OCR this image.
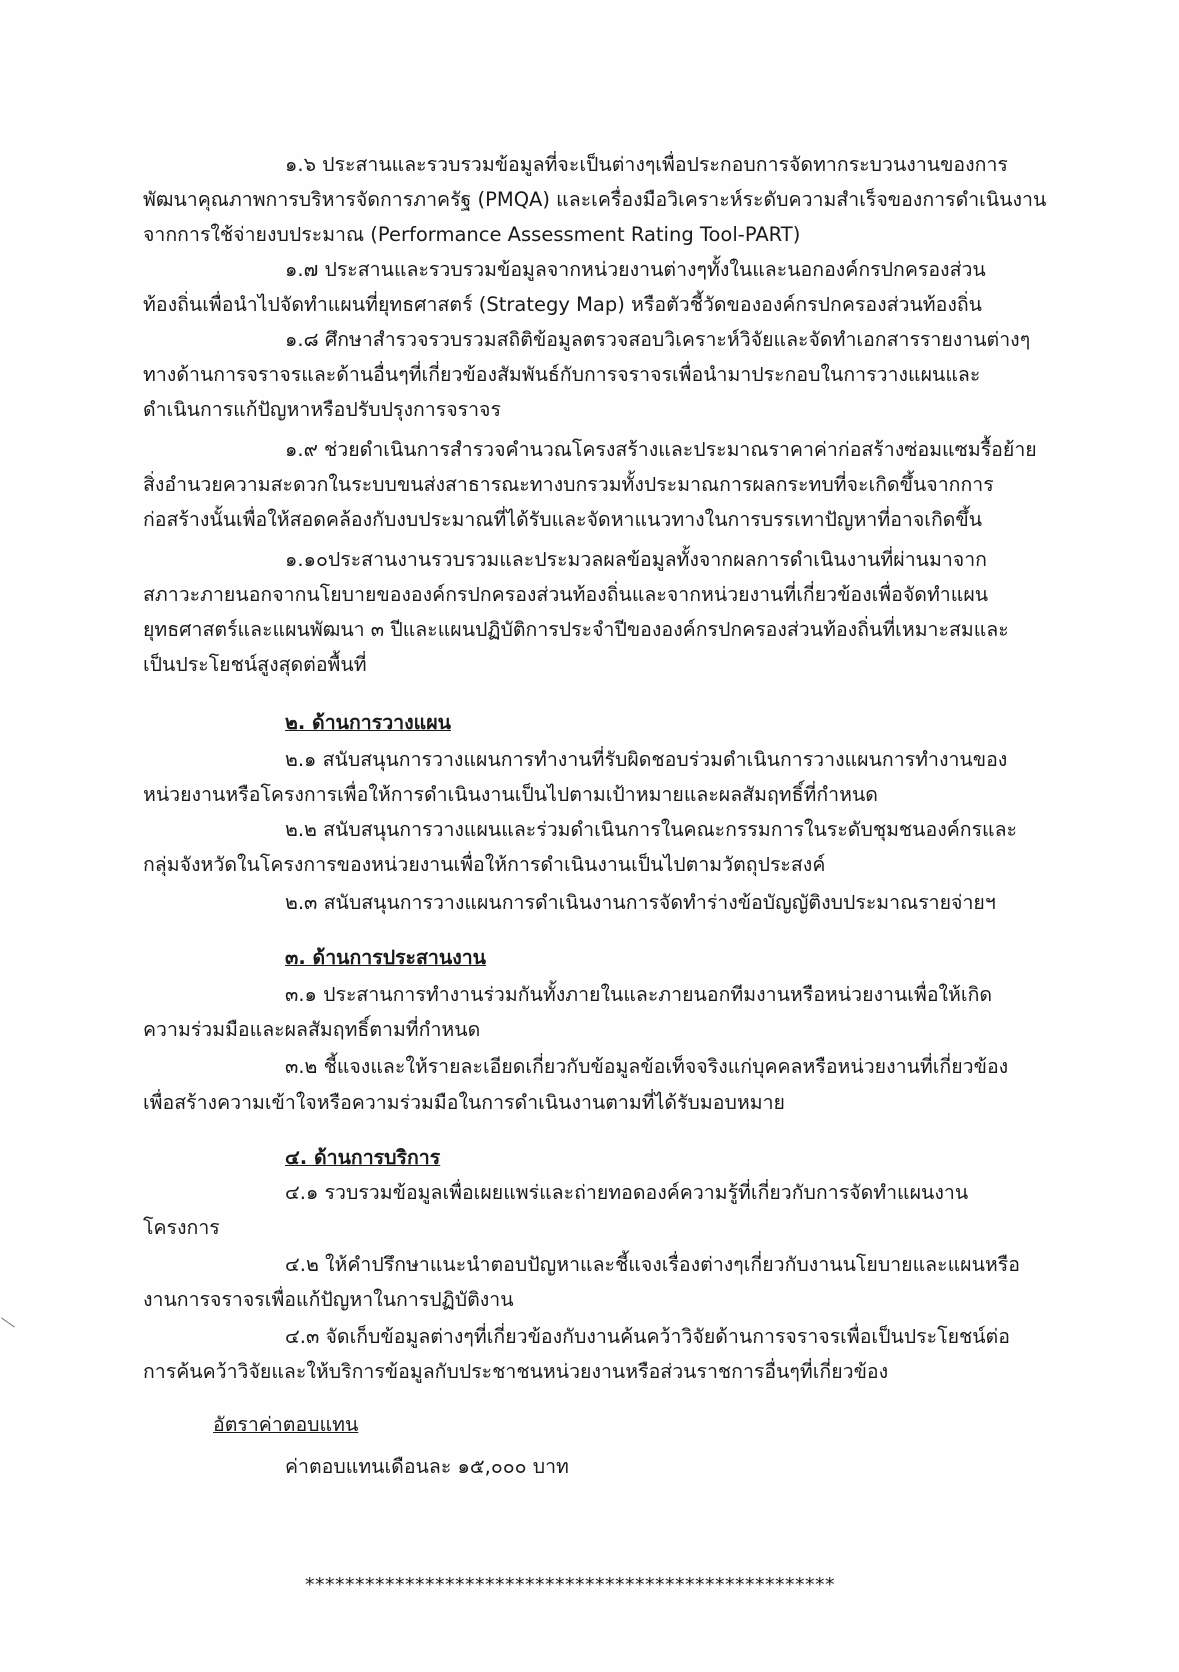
๑.๖ ประสานและรวบรวมข้อมูลที่จะเป็นต่างๆเพื่อประกอบการจัดทากระบวนงานของการ
พัฒนาคุณภาพการบริหารจัดการภาครัฐ (PMQA) และเครื่องมือวิเคราะห์ระดับความสำเร็จของการดำเนินงาน
จากการใช้จ่ายงบประมาณ (Performance Assessment Rating Tool-PART)
๑.๗ ประสานและรวบรวมข้อมูลจากหน่วยงานต่างๆทั้งในและนอกองค์กรปกครองส่วน
ท้องถิ่นเพื่อนำไปจัดทำแผนที่ยุทธศาสตร์ (Strategy Map) หรือตัวชี้วัดขององค์กรปกครองส่วนท้องถิ่น
๑.๘ ศึกษาสำรวจรวบรวมสถิติข้อมูลตรวจสอบวิเคราะห์วิจัยและจัดทำเอกสารรายงานต่างๆ
ทางด้านการจราจรและด้านอื่นๆที่เกี่ยวข้องสัมพันธ์กับการจราจรเพื่อนำมาประกอบในการวางแผนและ
ดำเนินการแก้ปัญหาหรือปรับปรุงการจราจร
๑.๙ ช่วยดำเนินการสำรวจคำนวณโครงสร้างและประมาณราคาค่าก่อสร้างซ่อมแซมรื้อย้าย
สิ่งอำนวยความสะดวกในระบบขนส่งสาธารณะทางบกรวมทั้งประมาณการผลกระทบที่จะเกิดขึ้นจากการ
ก่อสร้างนั้นเพื่อให้สอดคล้องกับงบประมาณที่ได้รับและจัดหาแนวทางในการบรรเทาปัญหาที่อาจเกิดขึ้น
๑.๑๐ประสานงานรวบรวมและประมวลผลข้อมูลทั้งจากผลการดำเนินงานที่ผ่านมาจาก
สภาวะภายนอกจากนโยบายขององค์กรปกครองส่วนท้องถิ่นและจากหน่วยงานที่เกี่ยวข้องเพื่อจัดทำแผน
ยุทธศาสตร์และแผนพัฒนา ๓ ปีและแผนปฏิบัติการประจำปีขององค์กรปกครองส่วนท้องถิ่นที่เหมาะสมและ
เป็นประโยชน์สูงสุดต่อพื้นที่
๒. ด้านการวางแผน
๒.๑ สนับสนุนการวางแผนการทำงานที่รับผิดชอบร่วมดำเนินการวางแผนการทำงานของ
หน่วยงานหรือโครงการเพื่อให้การดำเนินงานเป็นไปตามเป้าหมายและผลสัมฤทธิ์ที่กำหนด
๒.๒ สนับสนุนการวางแผนและร่วมดำเนินการในคณะกรรมการในระดับชุมชนองค์กรและ
กลุ่มจังหวัดในโครงการของหน่วยงานเพื่อให้การดำเนินงานเป็นไปตามวัตถุประสงค์
๒.๓ สนับสนุนการวางแผนการดำเนินงานการจัดทำร่างข้อบัญญัติงบประมาณรายจ่ายฯ
๓. ด้านการประสานงาน
๓.๑ ประสานการทำงานร่วมกันทั้งภายในและภายนอกทีมงานหรือหน่วยงานเพื่อให้เกิด
ความร่วมมือและผลสัมฤทธิ์ตามที่กำหนด
๓.๒ ชี้แจงและให้รายละเอียดเกี่ยวกับข้อมูลข้อเท็จจริงแก่บุคคลหรือหน่วยงานที่เกี่ยวข้อง
เพื่อสร้างความเข้าใจหรือความร่วมมือในการดำเนินงานตามที่ได้รับมอบหมาย
๔. ด้านการบริการ
๔.๑ รวบรวมข้อมูลเพื่อเผยแพร่และถ่ายทอดองค์ความรู้ที่เกี่ยวกับการจัดทำแผนงาน
โครงการ
๔.๒ ให้คำปรึกษาแนะนำตอบปัญหาและชี้แจงเรื่องต่างๆเกี่ยวกับงานนโยบายและแผนหรือ
งานการจราจรเพื่อแก้ปัญหาในการปฏิบัติงาน
๔.๓ จัดเก็บข้อมูลต่างๆที่เกี่ยวข้องกับงานค้นคว้าวิจัยด้านการจราจรเพื่อเป็นประโยชน์ต่อ
การค้นคว้าวิจัยและให้บริการข้อมูลกับประชาชนหน่วยงานหรือส่วนราชการอื่นๆที่เกี่ยวข้อง
อัตราค่าตอบแทน
ค่าตอบแทนเดือนละ ๑๕,๐๐๐ บาท
*****************************************************
